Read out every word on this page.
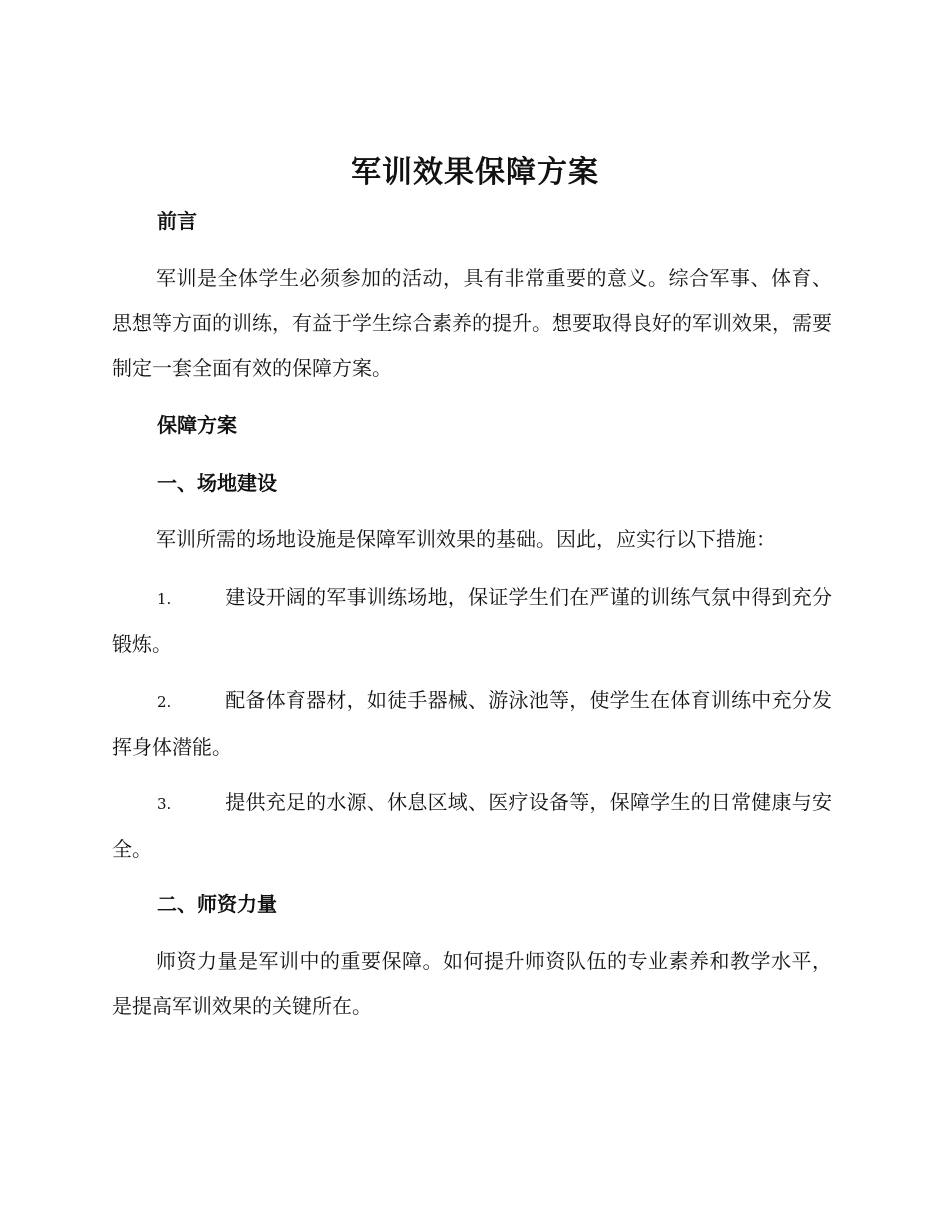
军训效果保障方案
前言
军训是全体学生必须参加的活动，具有非常重要的意义。综合军事、体育、思想等方面的训练，有益于学生综合素养的提升。想要取得良好的军训效果，需要制定一套全面有效的保障方案。
保障方案
一、场地建设
军训所需的场地设施是保障军训效果的基础。因此，应实行以下措施：
1.	建设开阔的军事训练场地，保证学生们在严谨的训练气氛中得到充分锻炼。
2.	配备体育器材，如徒手器械、游泳池等，使学生在体育训练中充分发挥身体潜能。
3.	提供充足的水源、休息区域、医疗设备等，保障学生的日常健康与安全。
二、师资力量
师资力量是军训中的重要保障。如何提升师资队伍的专业素养和教学水平，是提高军训效果的关键所在。
